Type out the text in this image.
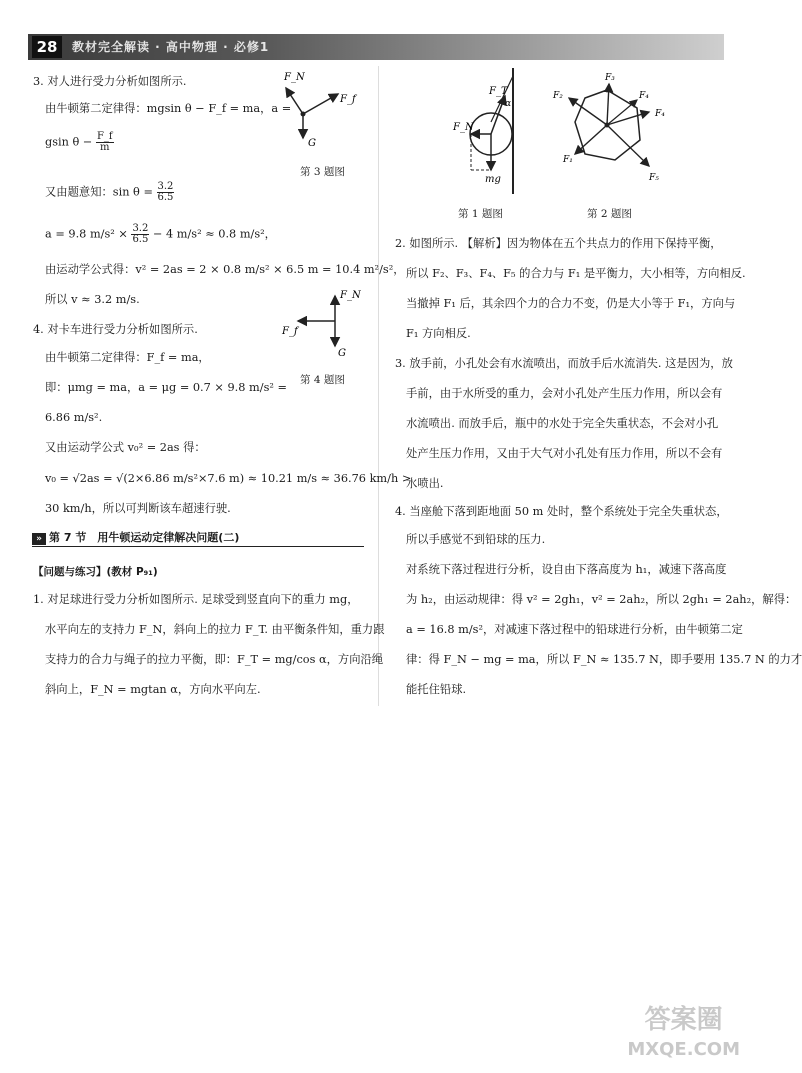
28	教材完全解读 · 高中物理 · 必修1
3. 对人进行受力分析如图所示.
由牛顿第二定律得：mgsin θ − F_f = ma，a =
gsin $\theta - \frac{F\_f}{m}$
又由题意知：$\sin \theta = \frac{3.2}{6.5}$
a = 9.8 $m/s^2 \times \frac{3.2}{6.5} - 4$ m/s² ≈ 0.8 m/s²，
由运动学公式得：v² = 2as = 2 × 0.8 m/s² × 6.5 m = 10.4 m²/s²，
所以 v ≈ 3.2 m/s.
4. 对卡车进行受力分析如图所示.
由牛顿第二定律得：F_f = ma，
即：μmg = ma，a = μg = 0.7 × 9.8 m/s² =
6.86 m/s².
又由运动学公式 v₀² = 2as 得：
v₀ = √2as = √(2×6.86 m/s²×7.6 m) ≈ 10.21 m/s ≈ 36.76 km/h >
30 km/h，所以可判断该车超速行驶.
» 第 7 节　用牛顿运动定律解决问题(二)
【问题与练习】(教材 P₉₁)
1. 对足球进行受力分析如图所示. 足球受到竖直向下的重力 mg，
水平向左的支持力 F_N，斜向上的拉力 F_T. 由平衡条件知，重力跟
支持力的合力与绳子的拉力平衡，即：F_T = mg/cos α，方向沿绳
斜向上，F_N = mgtan α，方向水平向左.
F_N
F_f
G
第 3 题图
F_N
F_f
G
第 4 题图
F_T
α
F_N
mg
第 1 题图
F₃
F₂	F₄
F₄
F₁
F₅
第 2 题图
2. 如图所示. 【解析】因为物体在五个共点力的作用下保持平衡，
所以 F₂、F₃、F₄、F₅ 的合力与 F₁ 是平衡力，大小相等，方向相反.
当撤掉 F₁ 后，其余四个力的合力不变，仍是大小等于 F₁，方向与
F₁ 方向相反.
3. 放手前，小孔处会有水流喷出，而放手后水流消失. 这是因为，放
手前，由于水所受的重力，会对小孔处产生压力作用，所以会有
水流喷出. 而放手后，瓶中的水处于完全失重状态，不会对小孔
处产生压力作用，又由于大气对小孔处有压力作用，所以不会有
水喷出.
4. 当座舱下落到距地面 50 m 处时，整个系统处于完全失重状态，
所以手感觉不到铅球的压力.
对系统下落过程进行分析，设自由下落高度为 h₁，减速下落高度
为 h₂，由运动规律：得 v² = 2gh₁，v² = 2ah₂，所以 2gh₁ = 2ah₂，解得：
a = 16.8 m/s²，对减速下落过程中的铅球进行分析，由牛顿第二定
律：得 F_N − mg = ma，所以 F_N ≈ 135.7 N，即手要用 135.7 N 的力才
能托住铅球.
答案圈
MXQE.COM
